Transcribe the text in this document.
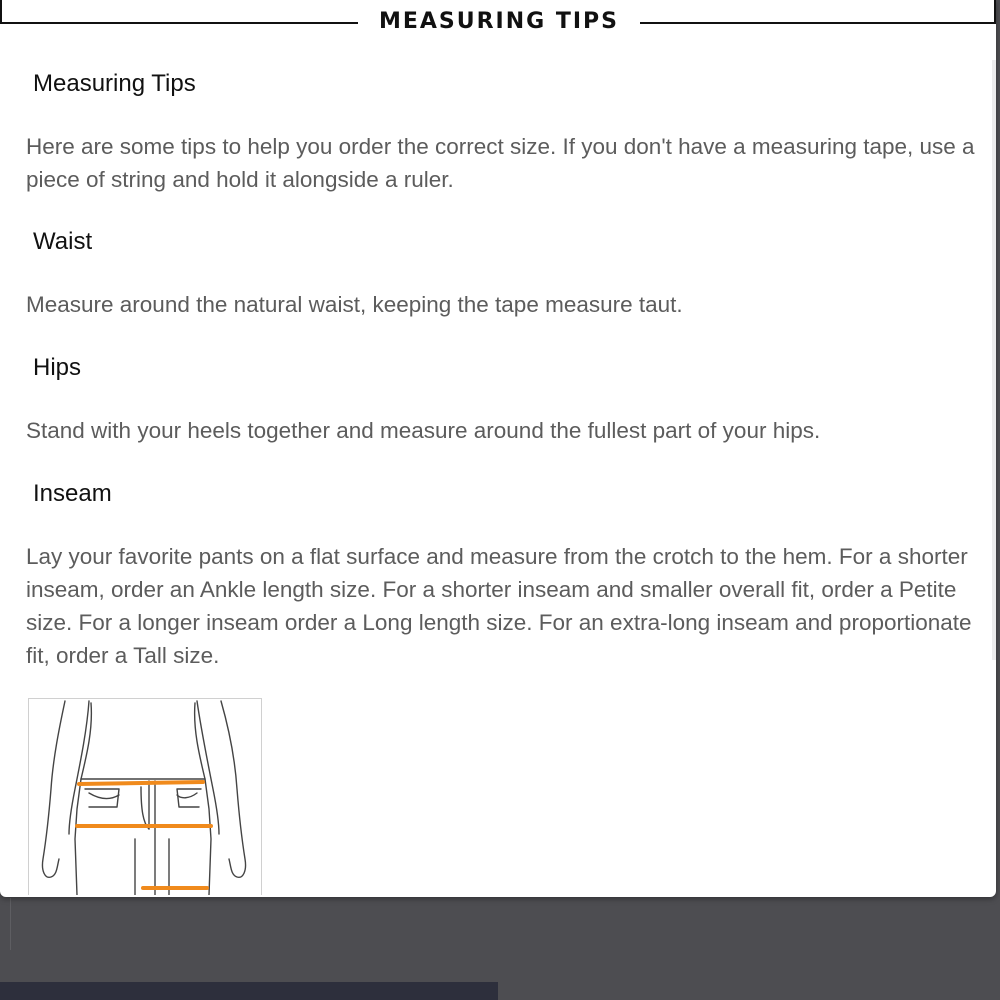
MEASURING TIPS
Measuring Tips

Here are some tips to help you order the correct size. If you don't have a measuring tape, use a piece of string and hold it alongside a ruler.

Waist

Measure around the natural waist, keeping the tape measure taut.

Hips

Stand with your heels together and measure around the fullest part of your hips.

Inseam

Lay your favorite pants on a flat surface and measure from the crotch to the hem. For a shorter inseam, order an Ankle length size. For a shorter inseam and smaller overall fit, order a Petite size. For a longer inseam order a Long length size. For an extra-long inseam and proportionate fit, order a Tall size.
